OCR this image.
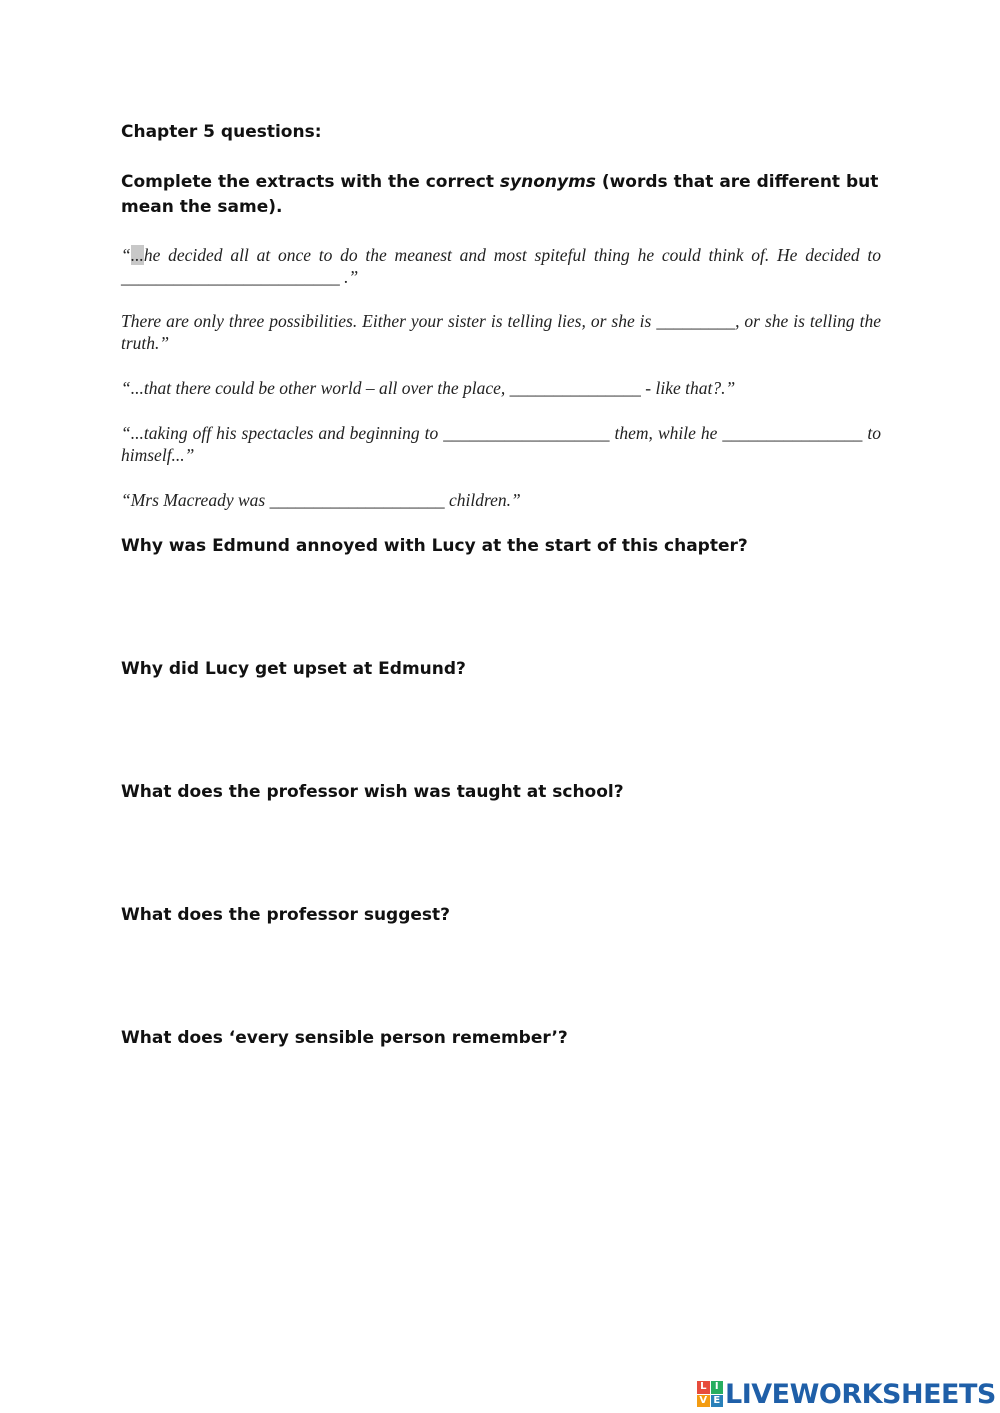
Chapter 5 questions:
Complete the extracts with the correct synonyms (words that are different but mean the same).
“...he decided all at once to do the meanest and most spiteful thing he could think of. He decided to
_________________________ .”
There are only three possibilities. Either your sister is telling lies, or she is _________, or she is telling the truth.”
“...that there could be other world – all over the place, _______________ - like that?.”
“...taking off his spectacles and beginning to ___________________ them, while he ________________ to himself...”
“Mrs Macready was ____________________ children.”
Why was Edmund annoyed with Lucy at the start of this chapter?
Why did Lucy get upset at Edmund?
What does the professor wish was taught at school?
What does the professor suggest?
What does ‘every sensible person remember’?
L I
V E LIVEWORKSHEETS
